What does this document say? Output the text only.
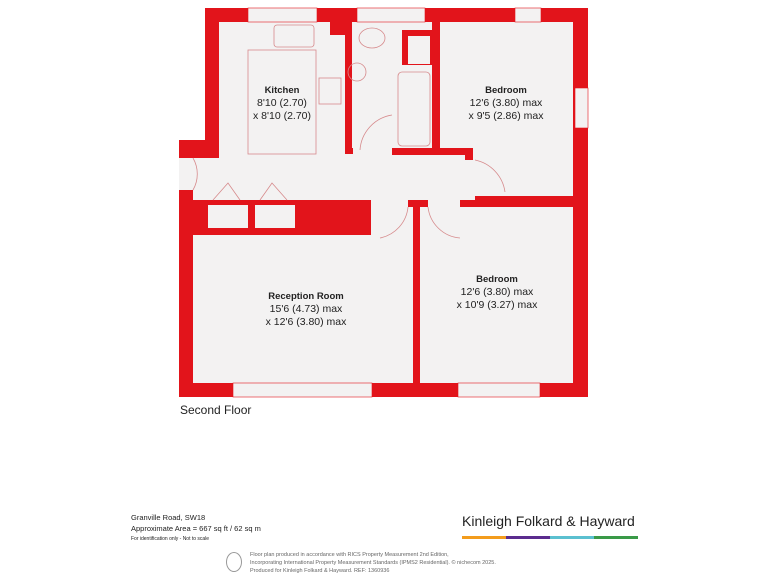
Kitchen
8'10 (2.70)
x 8'10 (2.70)
Bedroom
12'6 (3.80) max
x 9'5 (2.86) max
Reception Room
15'6 (4.73) max
x 12'6 (3.80) max
Bedroom
12'6 (3.80) max
x 10'9 (3.27) max
Second Floor
Granville Road, SW18
Approximate Area = 667 sq ft / 62 sq m
For identification only - Not to scale
Kinleigh Folkard & Hayward
Floor plan produced in accordance with RICS Property Measurement 2nd Edition,
Incorporating International Property Measurement Standards (IPMS2 Residential). © nichecom 2025.
Produced for Kinleigh Folkard & Hayward. REF: 1360936
